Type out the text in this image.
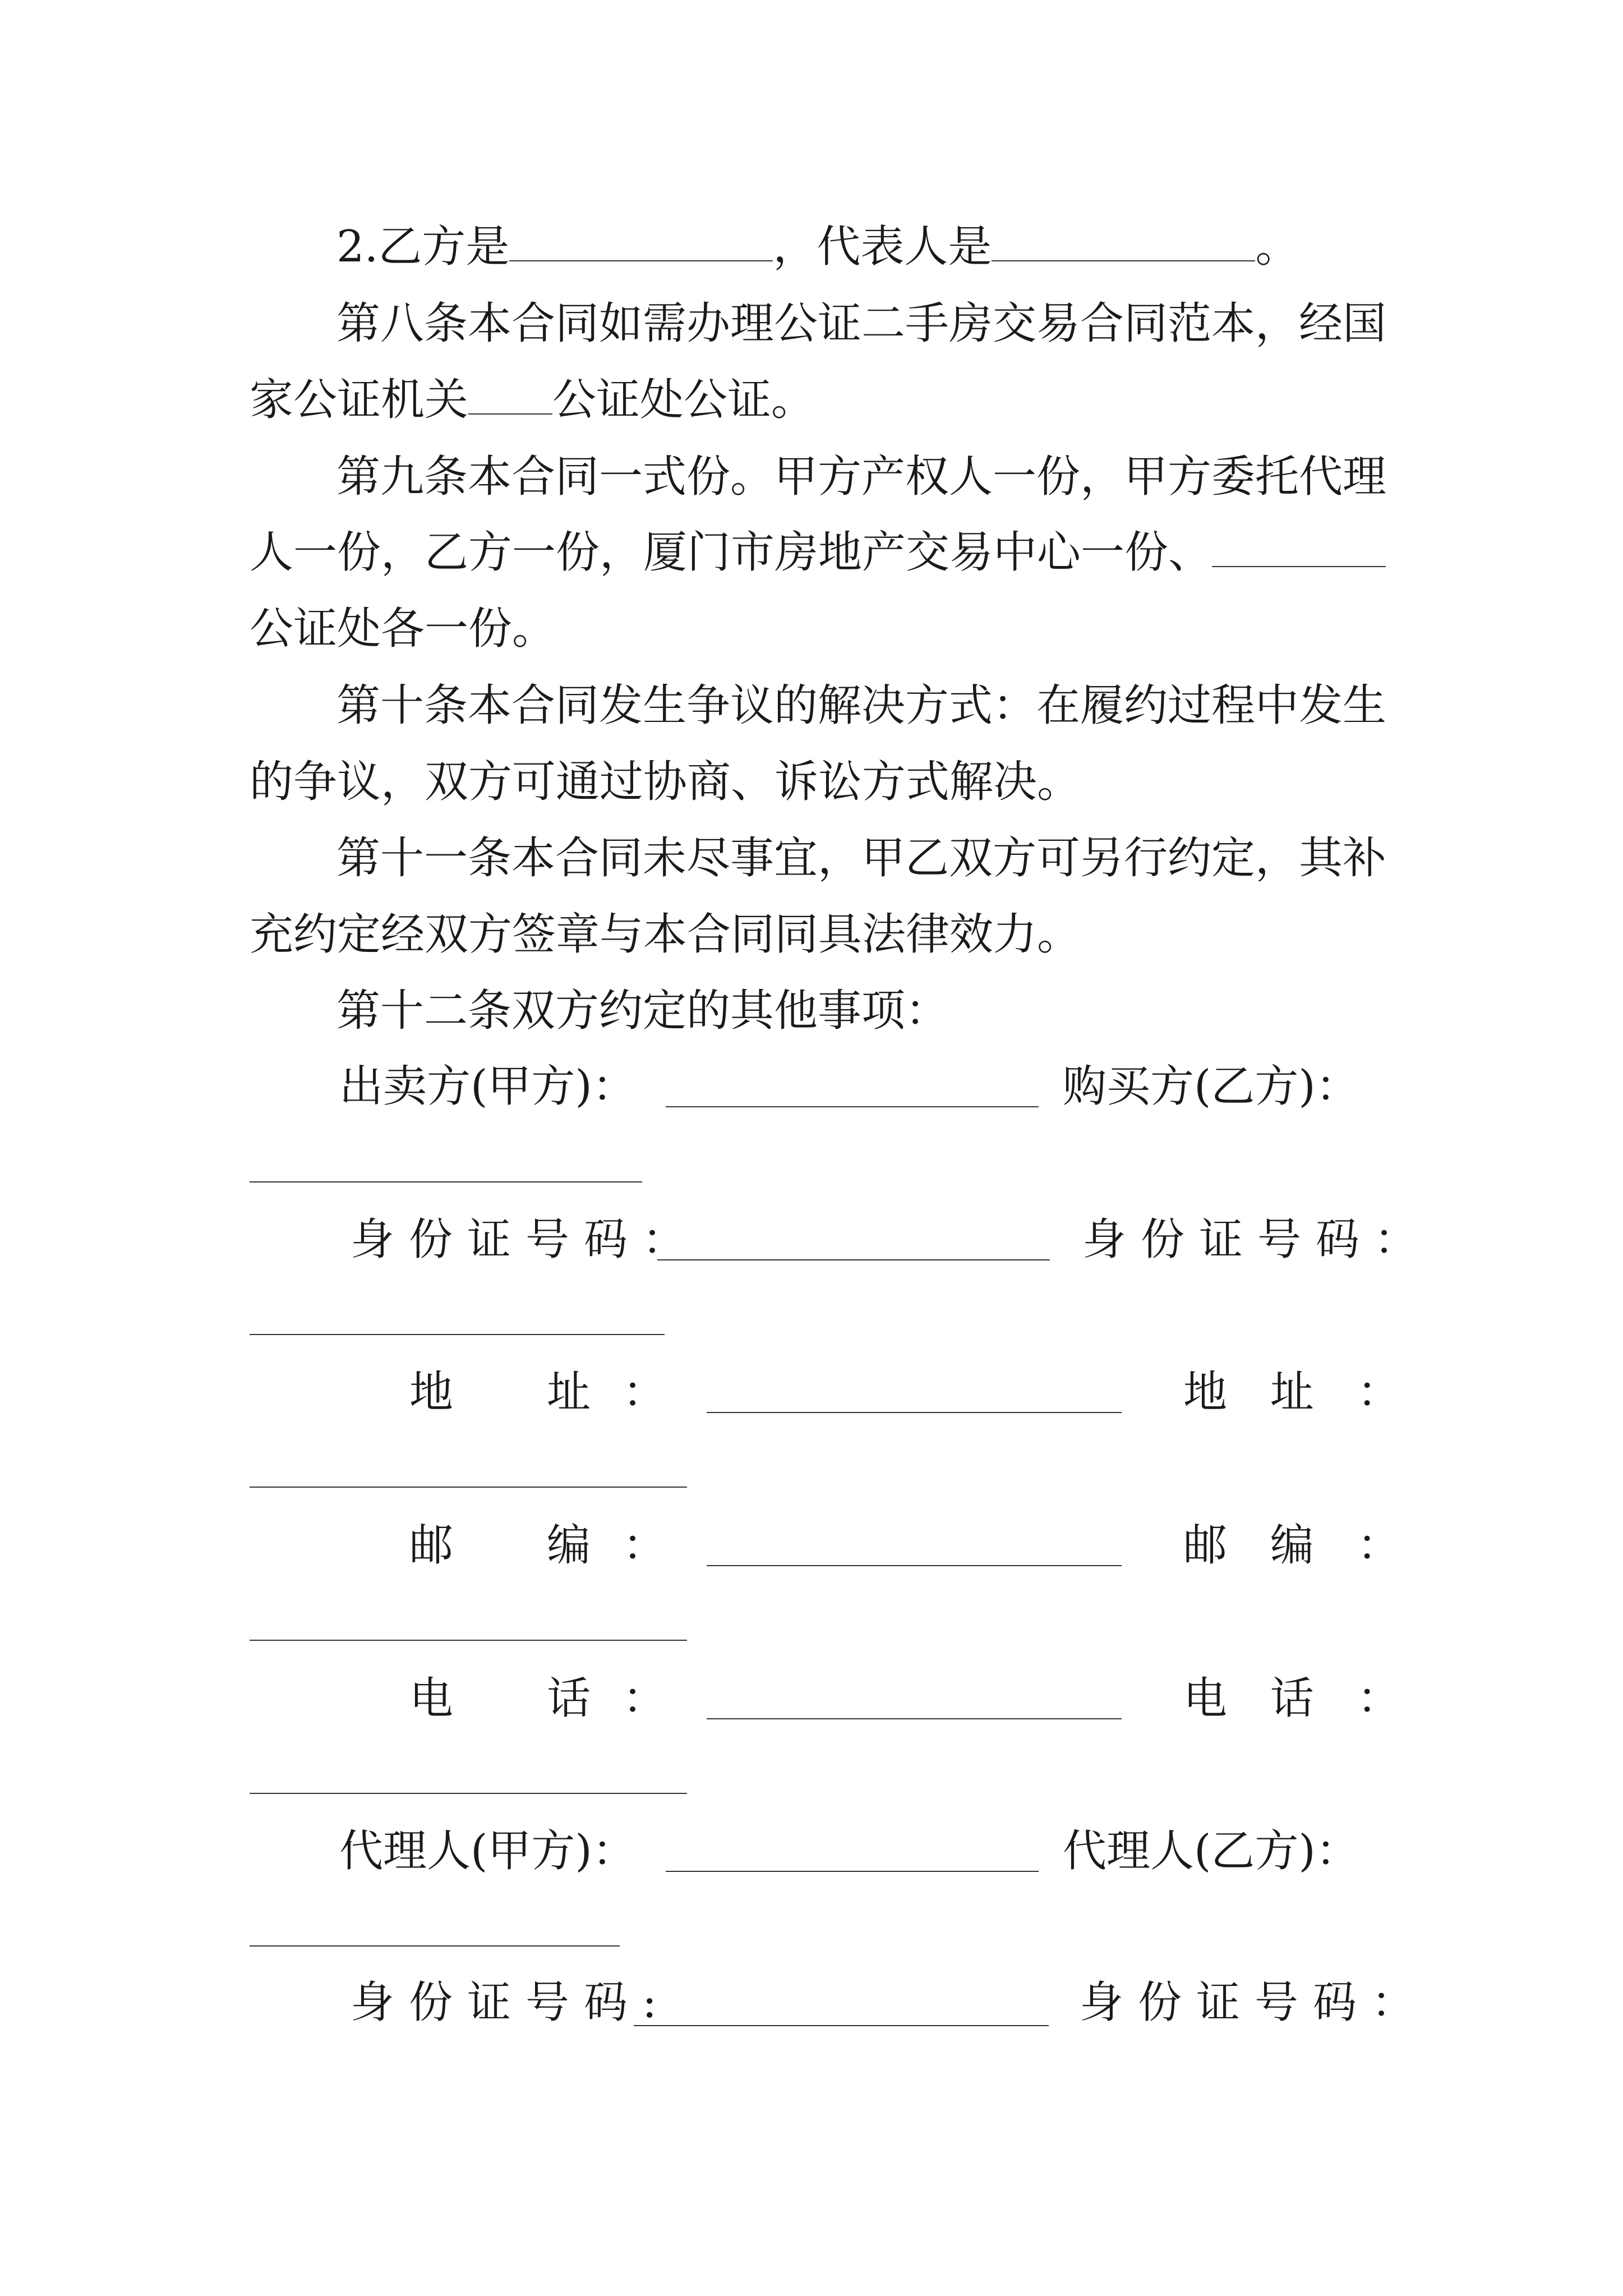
2.乙方是	，代表人是	。
第八条本合同如需办理公证二手房交易合同范本，经国
家公证机关 公证处公证。
第九条本合同一式份。甲方产权人一份，甲方委托代理
人一份，乙方一份，厦门市房地产交易中心一份、
公证处各一份。
第十条本合同发生争议的解决方式：在履约过程中发生
的争议，双方可通过协商、诉讼方式解决。
第十一条本合同未尽事宜，甲乙双方可另行约定，其补
充约定经双方签章与本合同同具法律效力。
第十二条双方约定的其他事项：
出卖方(甲方)：	购买方(乙方)：
身份证号码：	身份证号码：
地 址 ：	地 址 ：
邮 编 ：	邮 编 ：
电 话 ：	电 话 ：
代理人(甲方)：	代理人(乙方)：
身份证号码:	身份证号码：
